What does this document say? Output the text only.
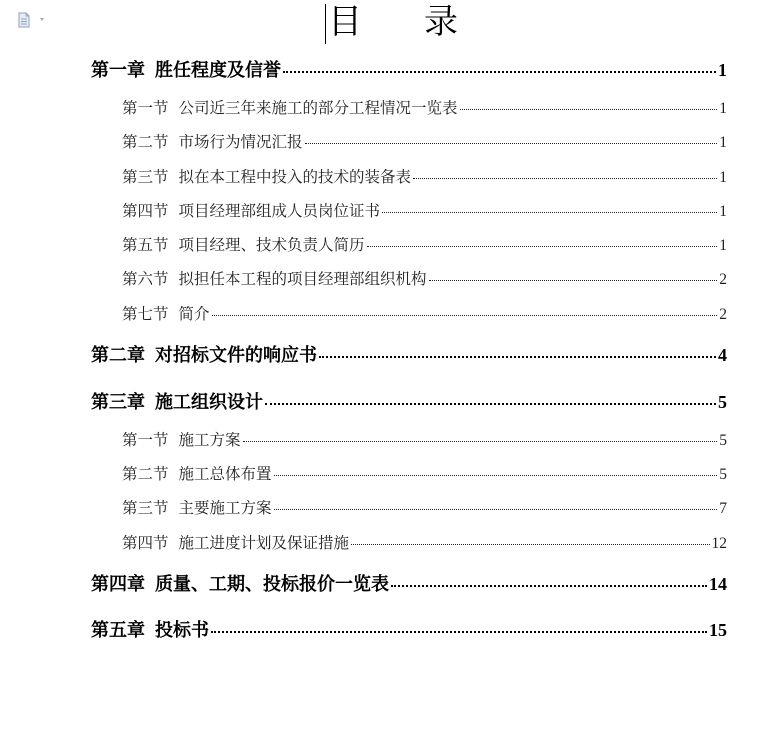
目 录
第一章 胜任程度及信誉	1
第一节 公司近三年来施工的部分工程情况一览表	1
第二节 市场行为情况汇报	1
第三节 拟在本工程中投入的技术的装备表	1
第四节 项目经理部组成人员岗位证书	1
第五节 项目经理、技术负责人简历	1
第六节 拟担任本工程的项目经理部组织机构	2
第七节 简介	2
第二章 对招标文件的响应书	4
第三章 施工组织设计	5
第一节 施工方案	5
第二节 施工总体布置	5
第三节 主要施工方案	7
第四节 施工进度计划及保证措施	12
第四章 质量、工期、投标报价一览表	14
第五章 投标书	15
